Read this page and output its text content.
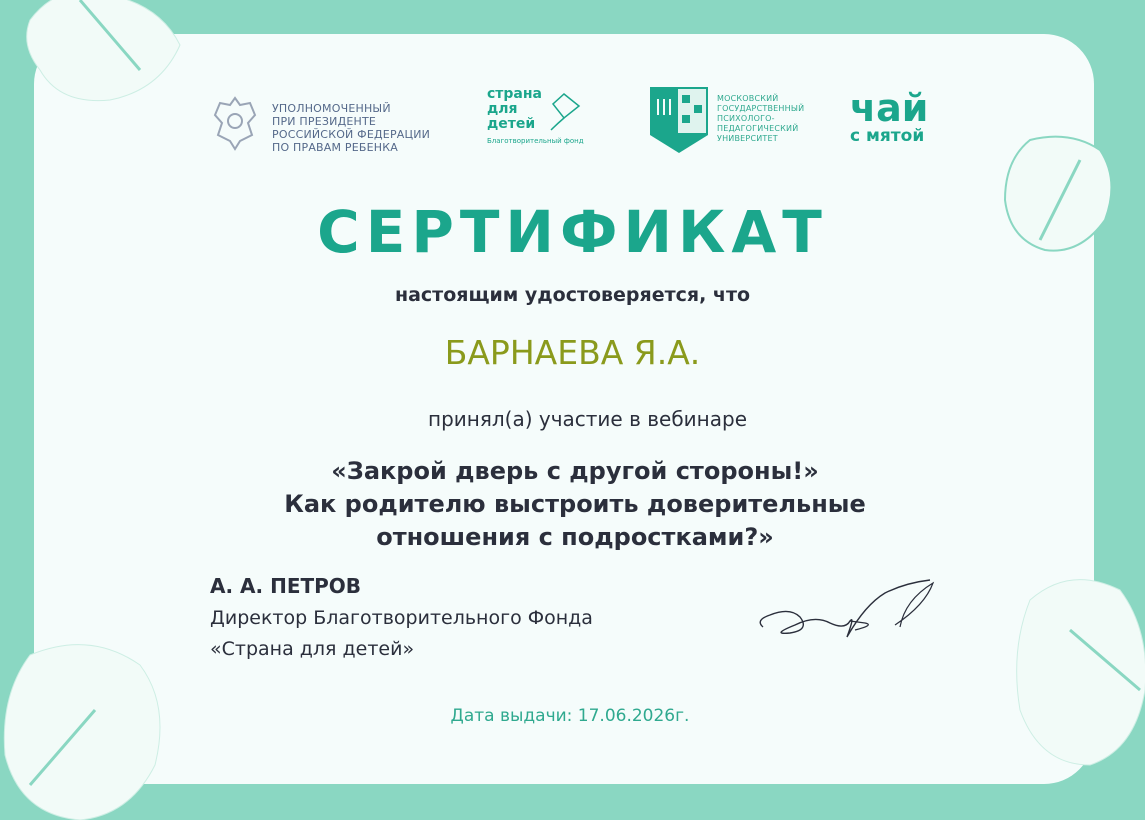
УПОЛНОМОЧЕННЫЙ
ПРИ ПРЕЗИДЕНТЕ
РОССИЙСКОЙ ФЕДЕРАЦИИ
ПО ПРАВАМ РЕБЕНКА
страна
для
детей
Благотворительный фонд
МОСКОВСКИЙ
ГОСУДАРСТВЕННЫЙ
ПСИХОЛОГО-
ПЕДАГОГИЧЕСКИЙ
УНИВЕРСИТЕТ
чай
с мятой
СЕРТИФИКАТ
настоящим удостоверяется, что
БАРНАЕВА Я.А.
принял(а) участие в вебинаре
«Закрой дверь с другой стороны!»
Как родителю выстроить доверительные
отношения с подростками?»
А. А. ПЕТРОВ
Директор Благотворительного Фонда
«Страна для детей»
Дата выдачи: 17.06.2026г.
